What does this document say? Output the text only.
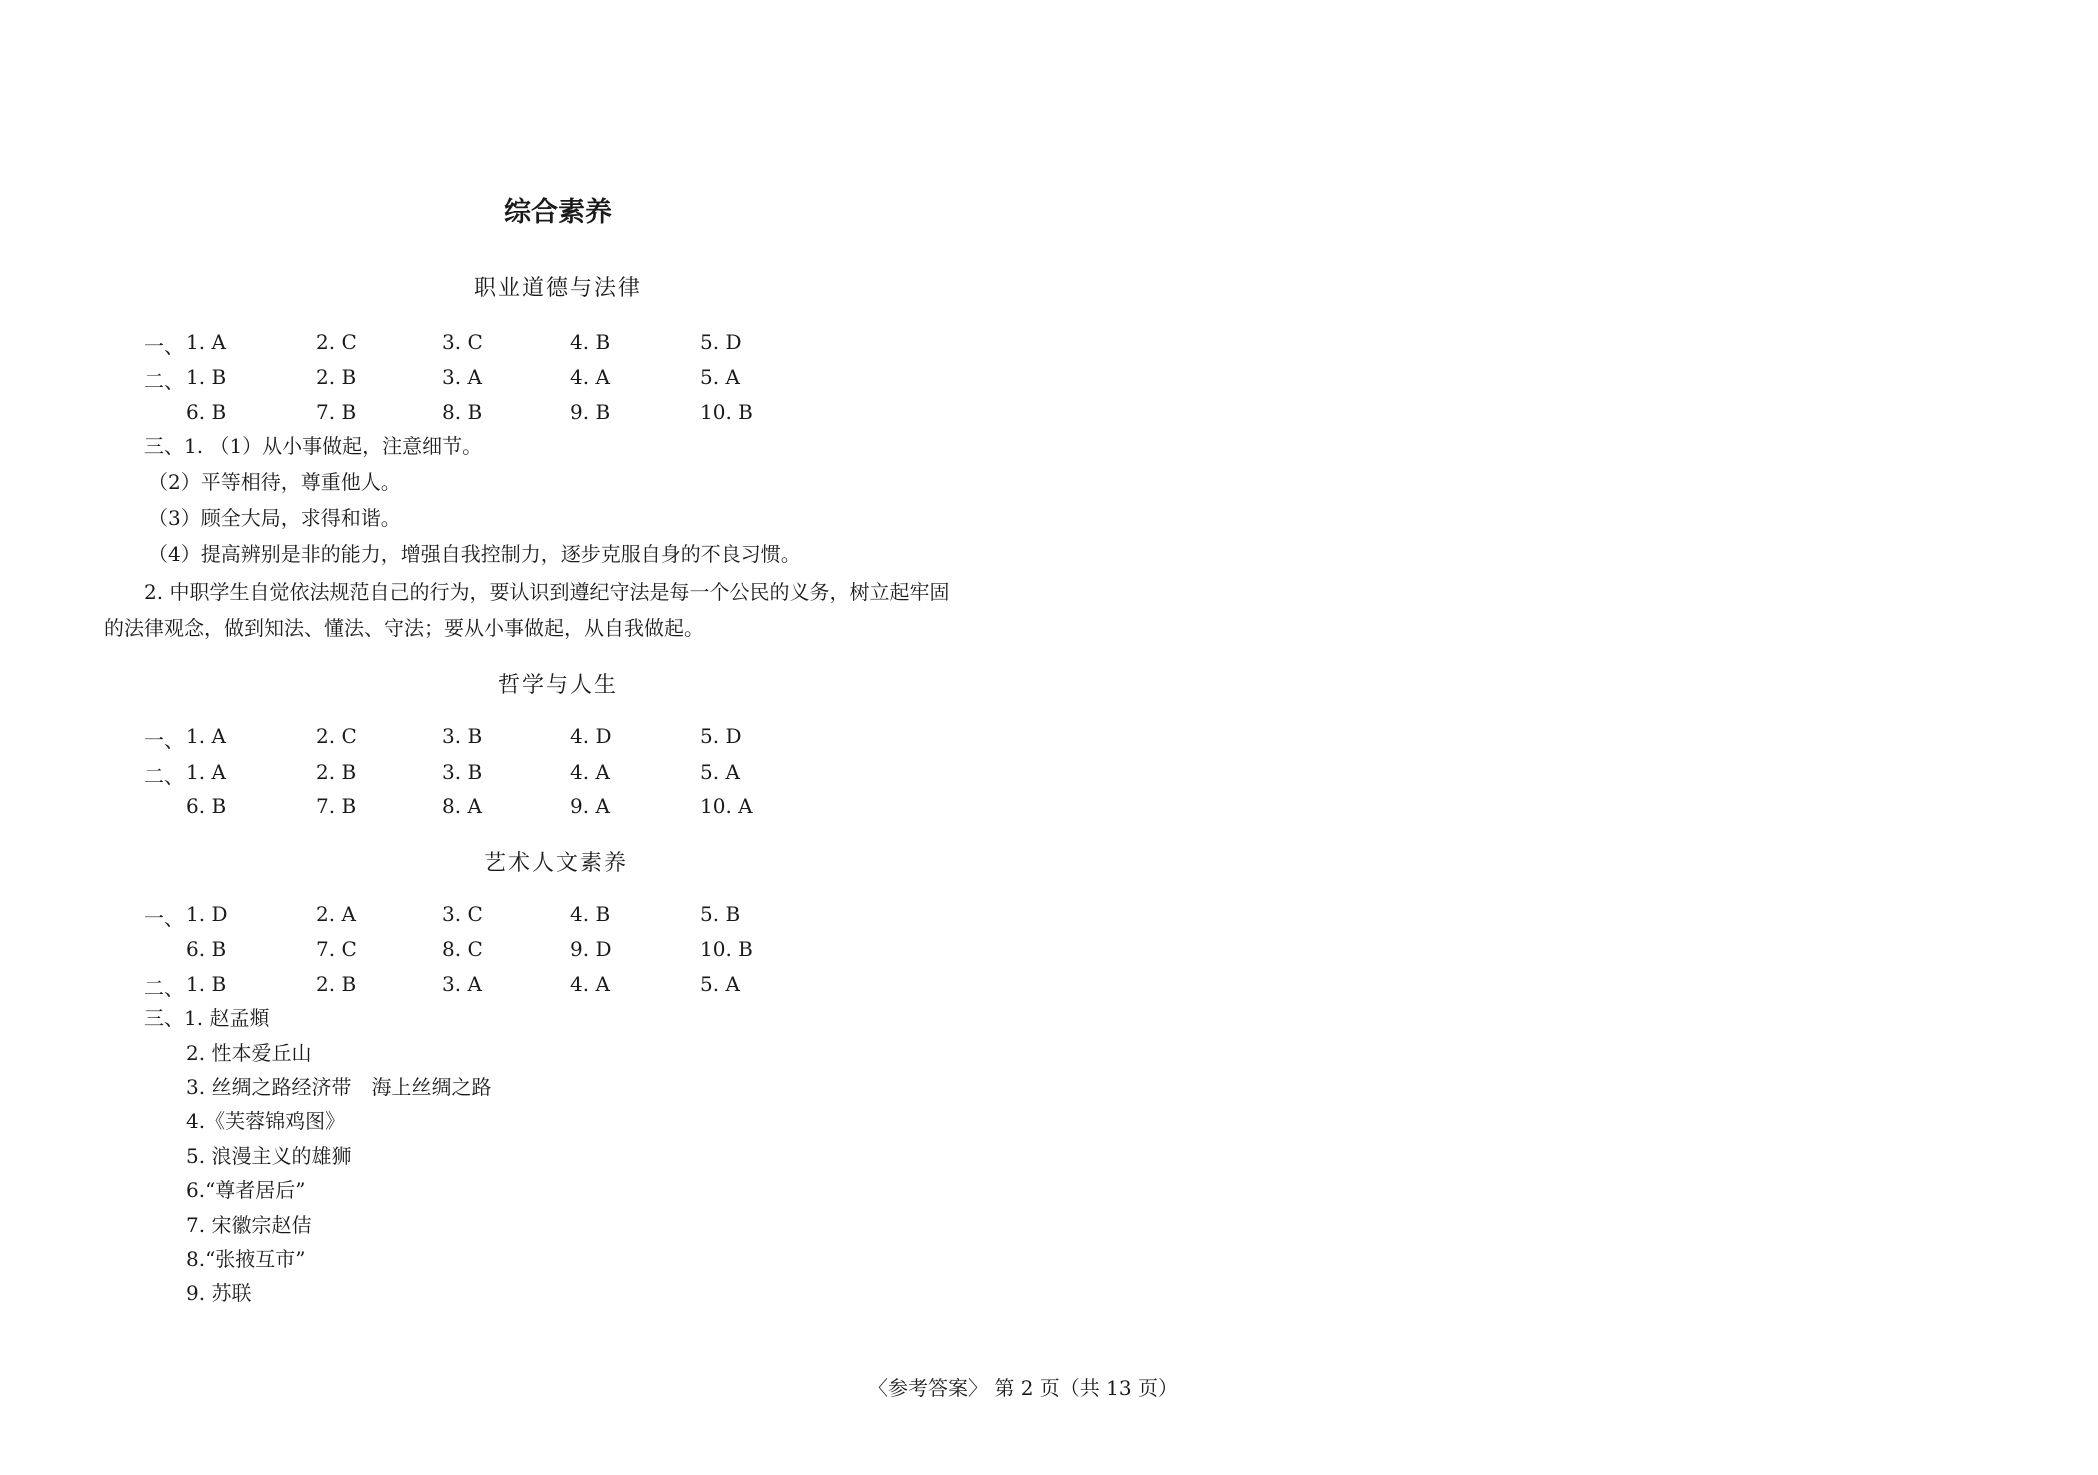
综合素养
职业道德与法律
一、 1. A	2. C	3. C	4. B	5. D
二、 1. B	2. B	3. A	4. A	5. A
6. B	7. B	8. B	9. B	10. B
三、1. （1）从小事做起，注意细节。
（2）平等相待，尊重他人。
（3）顾全大局，求得和谐。
（4）提高辨别是非的能力，增强自我控制力，逐步克服自身的不良习惯。
2. 中职学生自觉依法规范自己的行为，要认识到遵纪守法是每一个公民的义务，树立起牢固
的法律观念，做到知法、懂法、守法；要从小事做起，从自我做起。
哲学与人生
一、 1. A	2. C	3. B	4. D	5. D
二、 1. A	2. B	3. B	4. A	5. A
6. B	7. B	8. A	9. A	10. A
艺术人文素养
一、 1. D	2. A	3. C	4. B	5. B
6. B	7. C	8. C	9. D	10. B
二、 1. B	2. B	3. A	4. A	5. A
三、1. 赵孟頫
2. 性本爱丘山
3. 丝绸之路经济带　海上丝绸之路
4.《芙蓉锦鸡图》
5. 浪漫主义的雄狮
6.“尊者居后”
7. 宋徽宗赵佶
8.“张掖互市”
9. 苏联
〈参考答案〉 第 2 页（共 13 页）
